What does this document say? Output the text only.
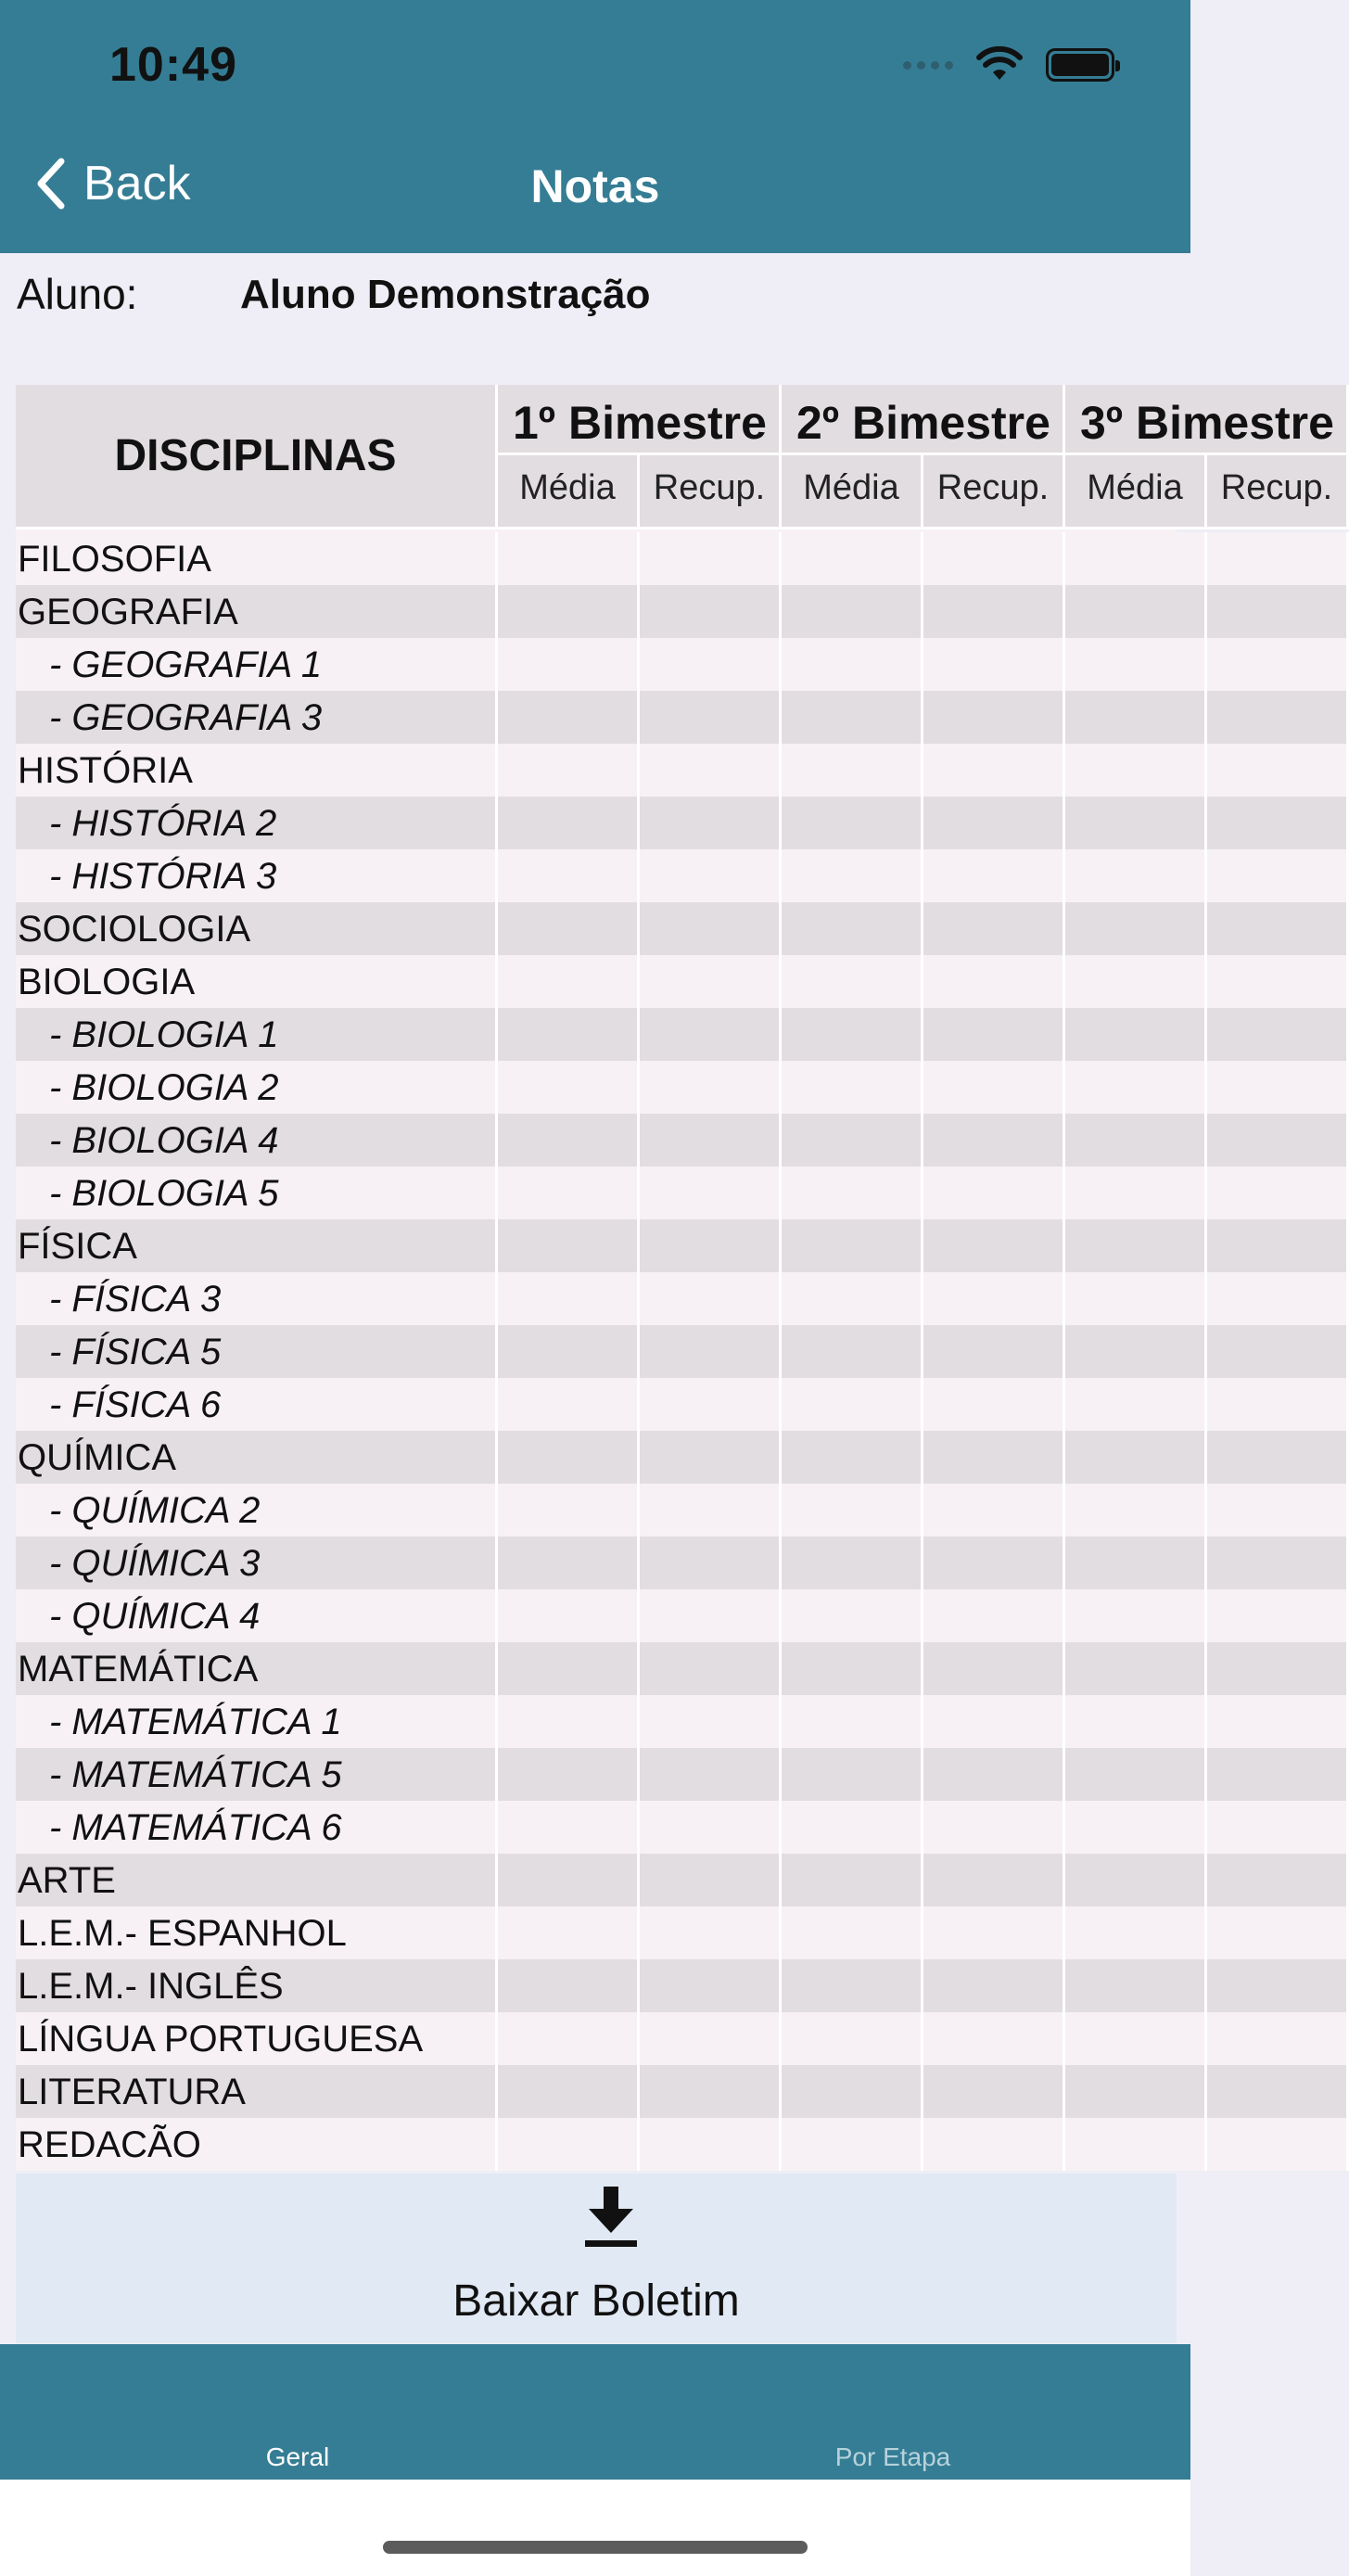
10:49
Back	Notas
Aluno:	Aluno Demonstração
DISCIPLINAS
1º Bimestre
Média	Recup.
2º Bimestre
Média	Recup.
3º Bimestre
Média	Recup.
FILOSOFIA
GEOGRAFIA
- GEOGRAFIA 1
- GEOGRAFIA 3
HISTÓRIA
- HISTÓRIA 2
- HISTÓRIA 3
SOCIOLOGIA
BIOLOGIA
- BIOLOGIA 1
- BIOLOGIA 2
- BIOLOGIA 4
- BIOLOGIA 5
FÍSICA
- FÍSICA 3
- FÍSICA 5
- FÍSICA 6
QUÍMICA
- QUÍMICA 2
- QUÍMICA 3
- QUÍMICA 4
MATEMÁTICA
- MATEMÁTICA 1
- MATEMÁTICA 5
- MATEMÁTICA 6
ARTE
L.E.M.- ESPANHOL
L.E.M.- INGLÊS
LÍNGUA PORTUGUESA
LITERATURA
REDACÃO
Baixar Boletim
Geral	Por Etapa
